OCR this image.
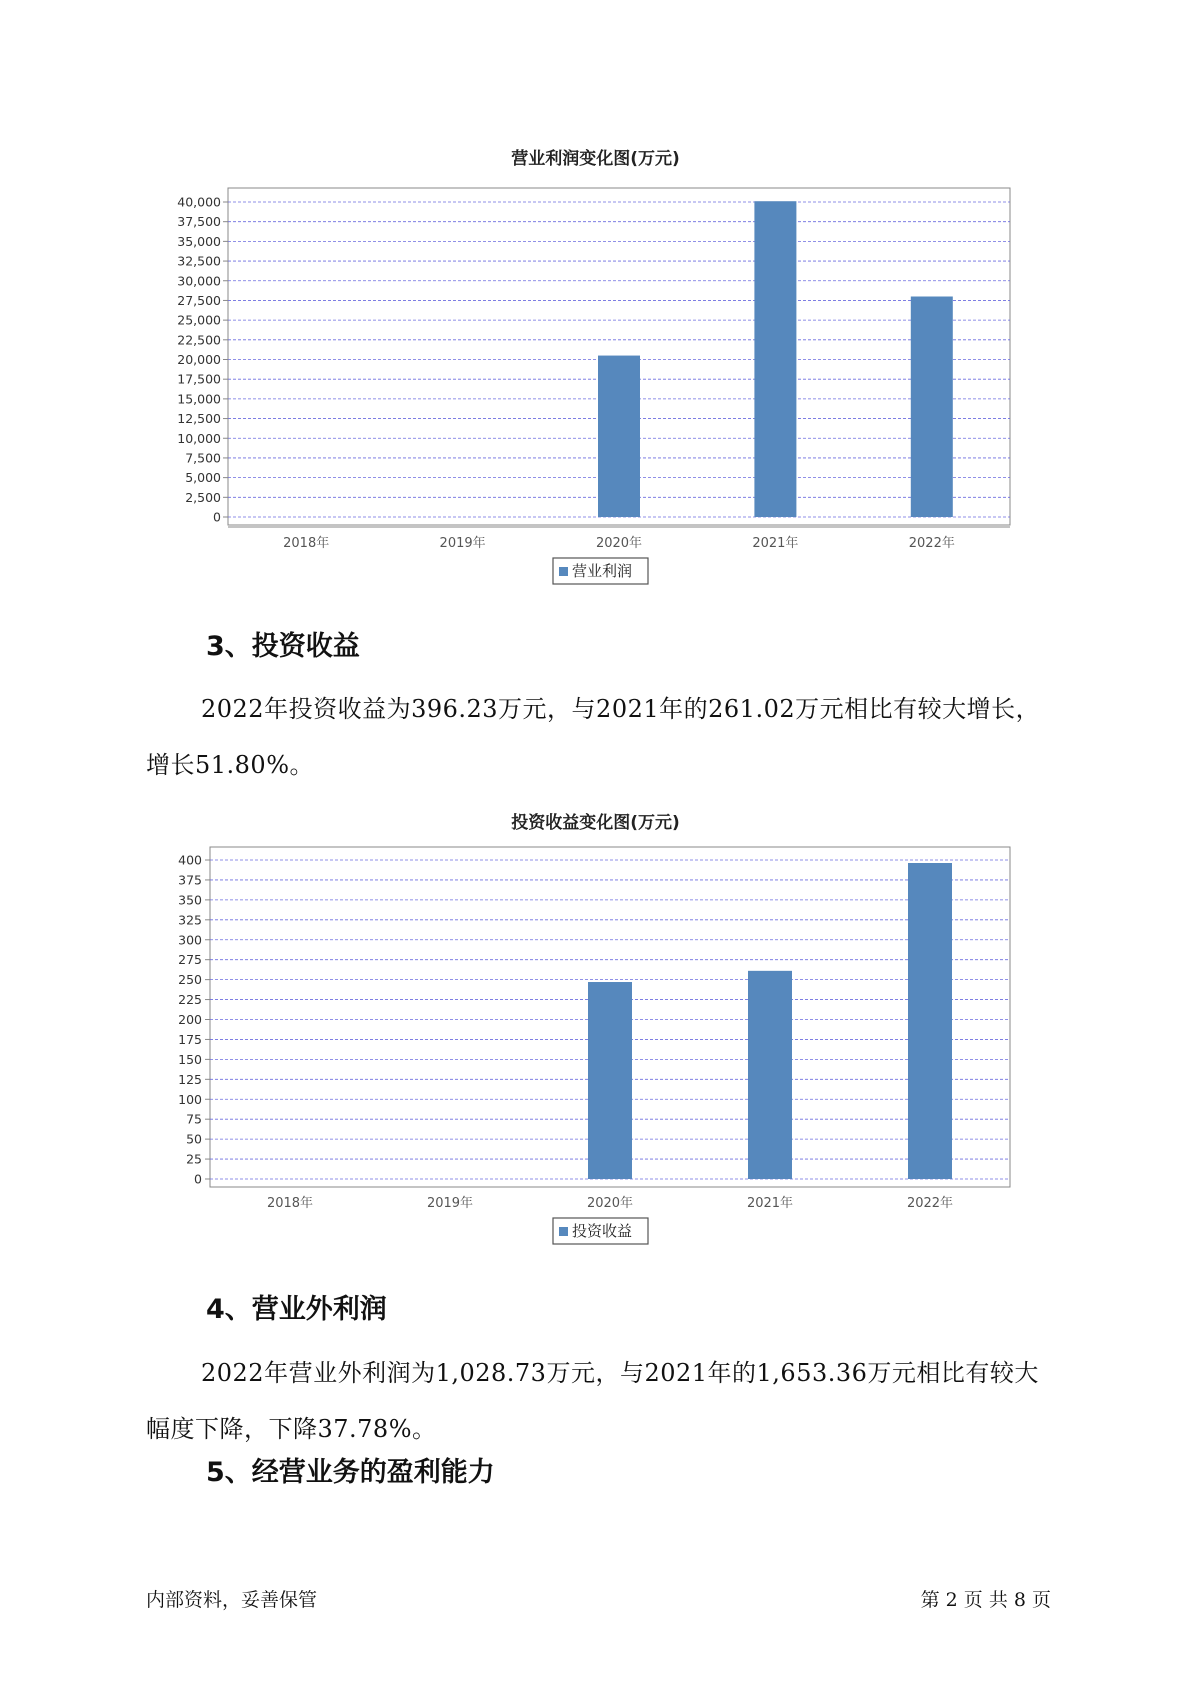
营业利润变化图(万元)
0
2,500
5,000
7,500
10,000
12,500
15,000
17,500
20,000
22,500
25,000
27,500
30,000
32,500
35,000
37,500
40,000
2018年	2019年	2020年	2021年	2022年
营业利润
3、投资收益
2022年投资收益为396.23万元，与2021年的261.02万元相比有较大增长，增长51.80%。
投资收益变化图(万元)
0
25
50
75
100
125
150
175
200
225
250
275
300
325
350
375
400
2018年	2019年	2020年	2021年	2022年
投资收益
4、营业外利润
2022年营业外利润为1,028.73万元，与2021年的1,653.36万元相比有较大幅度下降，下降37.78%。
5、经营业务的盈利能力
内部资料，妥善保管	第 2 页 共 8 页
